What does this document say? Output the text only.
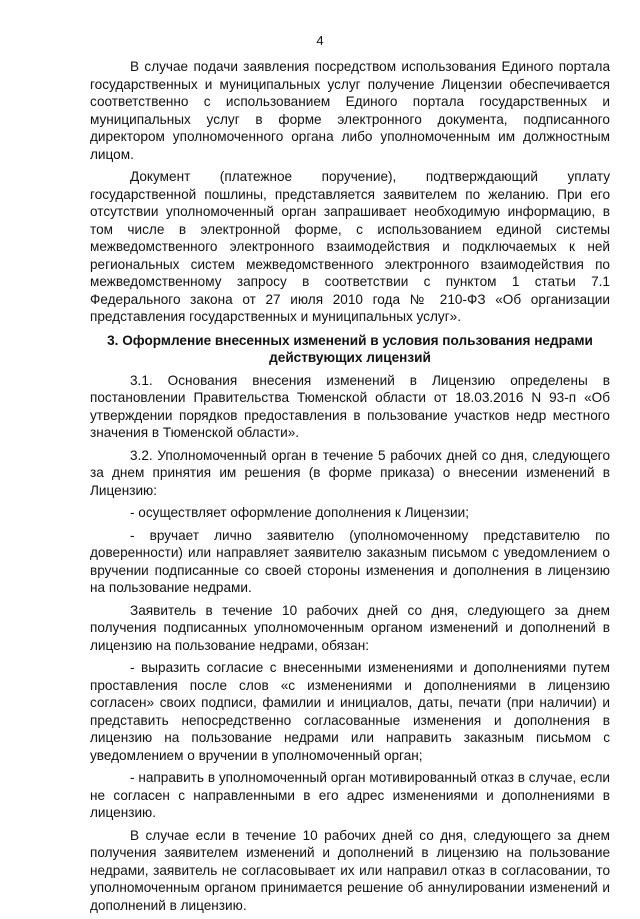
4

В случае подачи заявления посредством использования Единого портала государственных и муниципальных услуг получение Лицензии обеспечивается соответственно с использованием Единого портала государственных и муниципальных услуг в форме электронного документа, подписанного директором уполномоченного органа либо уполномоченным им должностным лицом.

Документ (платежное поручение), подтверждающий уплату государственной пошлины, представляется заявителем по желанию. При его отсутствии уполномоченный орган запрашивает необходимую информацию, в том числе в электронной форме, с использованием единой системы межведомственного электронного взаимодействия и подключаемых к ней региональных систем межведомственного электронного взаимодействия по межведомственному запросу в соответствии с пунктом 1 статьи 7.1 Федерального закона от 27 июля 2010 года № 210-ФЗ «Об организации представления государственных и муниципальных услуг».

3. Оформление внесенных изменений в условия пользования недрами действующих лицензий

3.1. Основания внесения изменений в Лицензию определены в постановлении Правительства Тюменской области от 18.03.2016 N 93-п «Об утверждении порядков предоставления в пользование участков недр местного значения в Тюменской области».

3.2. Уполномоченный орган в течение 5 рабочих дней со дня, следующего за днем принятия им решения (в форме приказа) о внесении изменений в Лицензию:

- осуществляет оформление дополнения к Лицензии;

- вручает лично заявителю (уполномоченному представителю по доверенности) или направляет заявителю заказным письмом с уведомлением о вручении подписанные со своей стороны изменения и дополнения в лицензию на пользование недрами.

Заявитель в течение 10 рабочих дней со дня, следующего за днем получения подписанных уполномоченным органом изменений и дополнений в лицензию на пользование недрами, обязан:

- выразить согласие с внесенными изменениями и дополнениями путем проставления после слов «с изменениями и дополнениями в лицензию согласен» своих подписи, фамилии и инициалов, даты, печати (при наличии) и представить непосредственно согласованные изменения и дополнения в лицензию на пользование недрами или направить заказным письмом с уведомлением о вручении в уполномоченный орган;

- направить в уполномоченный орган мотивированный отказ в случае, если не согласен с направленными в его адрес изменениями и дополнениями в лицензию.

В случае если в течение 10 рабочих дней со дня, следующего за днем получения заявителем изменений и дополнений в лицензию на пользование недрами, заявитель не согласовывает их или направил отказ в согласовании, то уполномоченным органом принимается решение об аннулировании изменений и дополнений в лицензию.
